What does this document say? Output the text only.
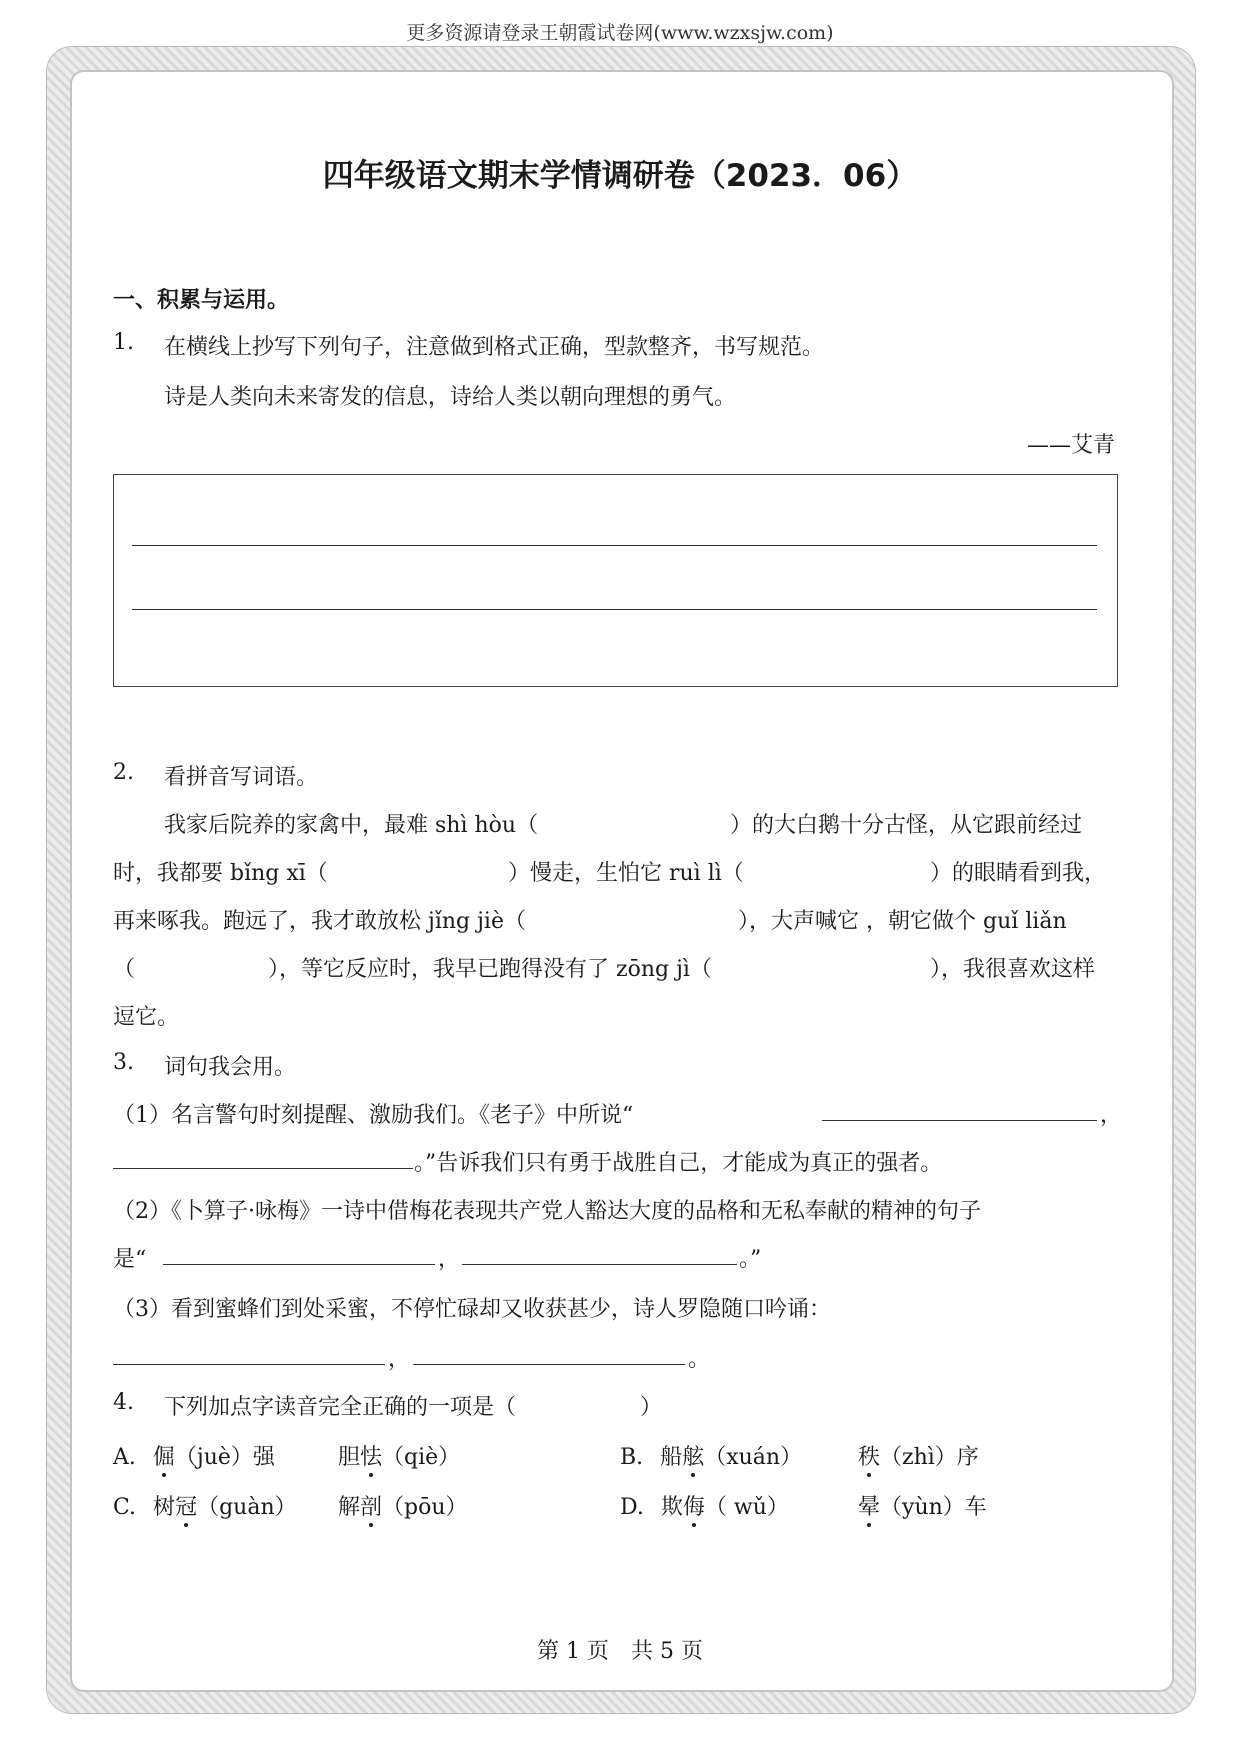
更多资源请登录王朝霞试卷网(www.wzxsjw.com)
四年级语文期末学情调研卷（2023．06）
一、积累与运用。
1. 在横线上抄写下列句子，注意做到格式正确，型款整齐，书写规范。
诗是人类向未来寄发的信息，诗给人类以朝向理想的勇气。
——艾青
2. 看拼音写词语。
我家后院养的家禽中，最难 shì hòu（	）的大白鹅十分古怪，从它跟前经过
时，我都要 bǐng xī（	）慢走，生怕它 ruì lì（	）的眼睛看到我，
再来啄我。跑远了，我才敢放松 jǐng jiè（	），大声喊它 ，朝它做个 guǐ liǎn
（	），等它反应时，我早已跑得没有了 zōng jì（	），我很喜欢这样
逗它。
3. 词句我会用。
（1）名言警句时刻提醒、激励我们。《老子》中所说“	，
。”告诉我们只有勇于战胜自己，才能成为真正的强者。
（2）《卜算子·咏梅》一诗中借梅花表现共产党人豁达大度的品格和无私奉献的精神的句子
是“	，	。”
（3）看到蜜蜂们到处采蜜，不停忙碌却又收获甚少，诗人罗隐随口吟诵：
，	。
4. 下列加点字读音完全正确的一项是（	）
A. 倔（juè）强	胆怯（qiè）	B. 船舷（xuán）	秩（zhì）序
C. 树冠（guàn） 解剖（pōu）	D. 欺侮（ wǔ）	晕（yùn）车
第 1 页　共 5 页
